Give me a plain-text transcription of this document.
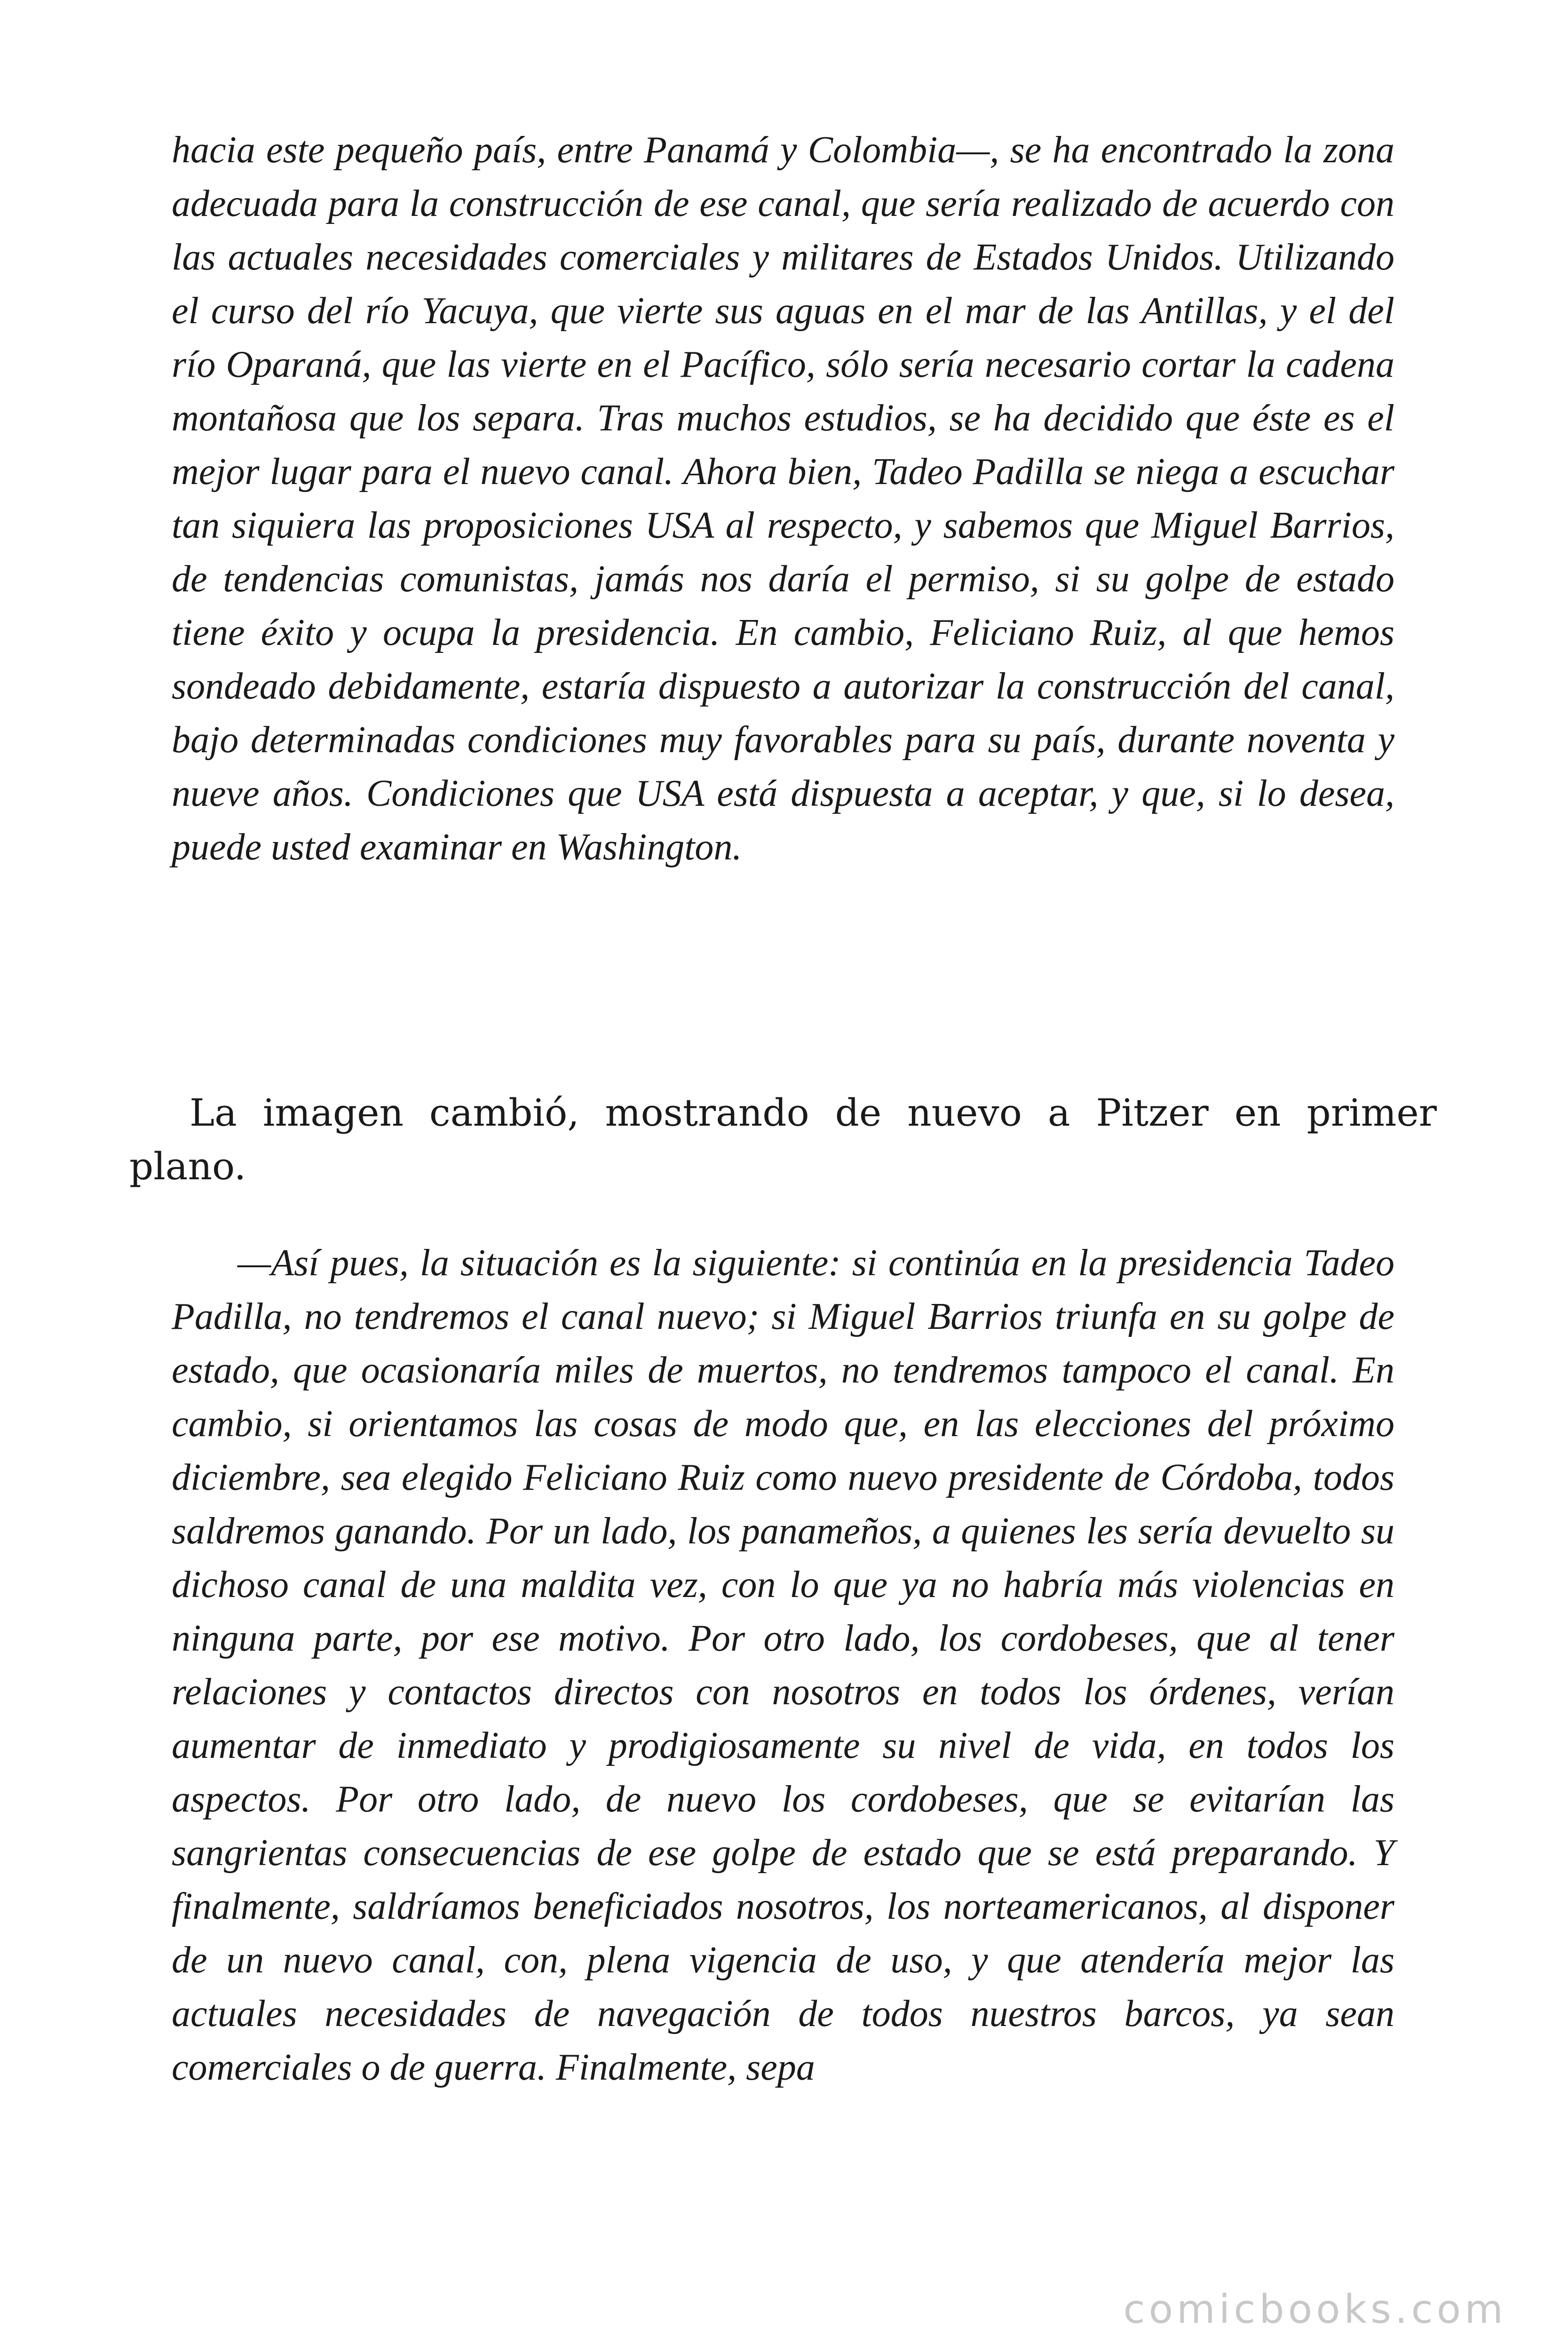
hacia este pequeño país, entre Panamá y Colombia—, se ha encontrado la zona adecuada para la construcción de ese canal, que sería realizado de acuerdo con las actuales necesidades comerciales y militares de Estados Unidos. Utilizando el curso del río Yacuya, que vierte sus aguas en el mar de las Antillas, y el del río Oparaná, que las vierte en el Pacífico, sólo sería necesario cortar la cadena montañosa que los separa. Tras muchos estudios, se ha decidido que éste es el mejor lugar para el nuevo canal. Ahora bien, Tadeo Padilla se niega a escuchar tan siquiera las proposiciones USA al respecto, y sabemos que Miguel Barrios, de tendencias comunistas, jamás nos daría el permiso, si su golpe de estado tiene éxito y ocupa la presidencia. En cambio, Feliciano Ruiz, al que hemos sondeado debidamente, estaría dispuesto a autorizar la construcción del canal, bajo determinadas condiciones muy favorables para su país, durante noventa y nueve años. Condiciones que USA está dispuesta a aceptar, y que, si lo desea, puede usted examinar en Washington.

La imagen cambió, mostrando de nuevo a Pitzer en primer plano.

—Así pues, la situación es la siguiente: si continúa en la presidencia Tadeo Padilla, no tendremos el canal nuevo; si Miguel Barrios triunfa en su golpe de estado, que ocasionaría miles de muertos, no tendremos tampoco el canal. En cambio, si orientamos las cosas de modo que, en las elecciones del próximo diciembre, sea elegido Feliciano Ruiz como nuevo presidente de Córdoba, todos saldremos ganando. Por un lado, los panameños, a quienes les sería devuelto su dichoso canal de una maldita vez, con lo que ya no habría más violencias en ninguna parte, por ese motivo. Por otro lado, los cordobeses, que al tener relaciones y contactos directos con nosotros en todos los órdenes, verían aumentar de inmediato y prodigiosamente su nivel de vida, en todos los aspectos. Por otro lado, de nuevo los cordobeses, que se evitarían las sangrientas consecuencias de ese golpe de estado que se está preparando. Y finalmente, saldríamos beneficiados nosotros, los norteamericanos, al disponer de un nuevo canal, con, plena vigencia de uso, y que atendería mejor las actuales necesidades de navegación de todos nuestros barcos, ya sean comerciales o de guerra. Finalmente, sepa

comicbooks.com
